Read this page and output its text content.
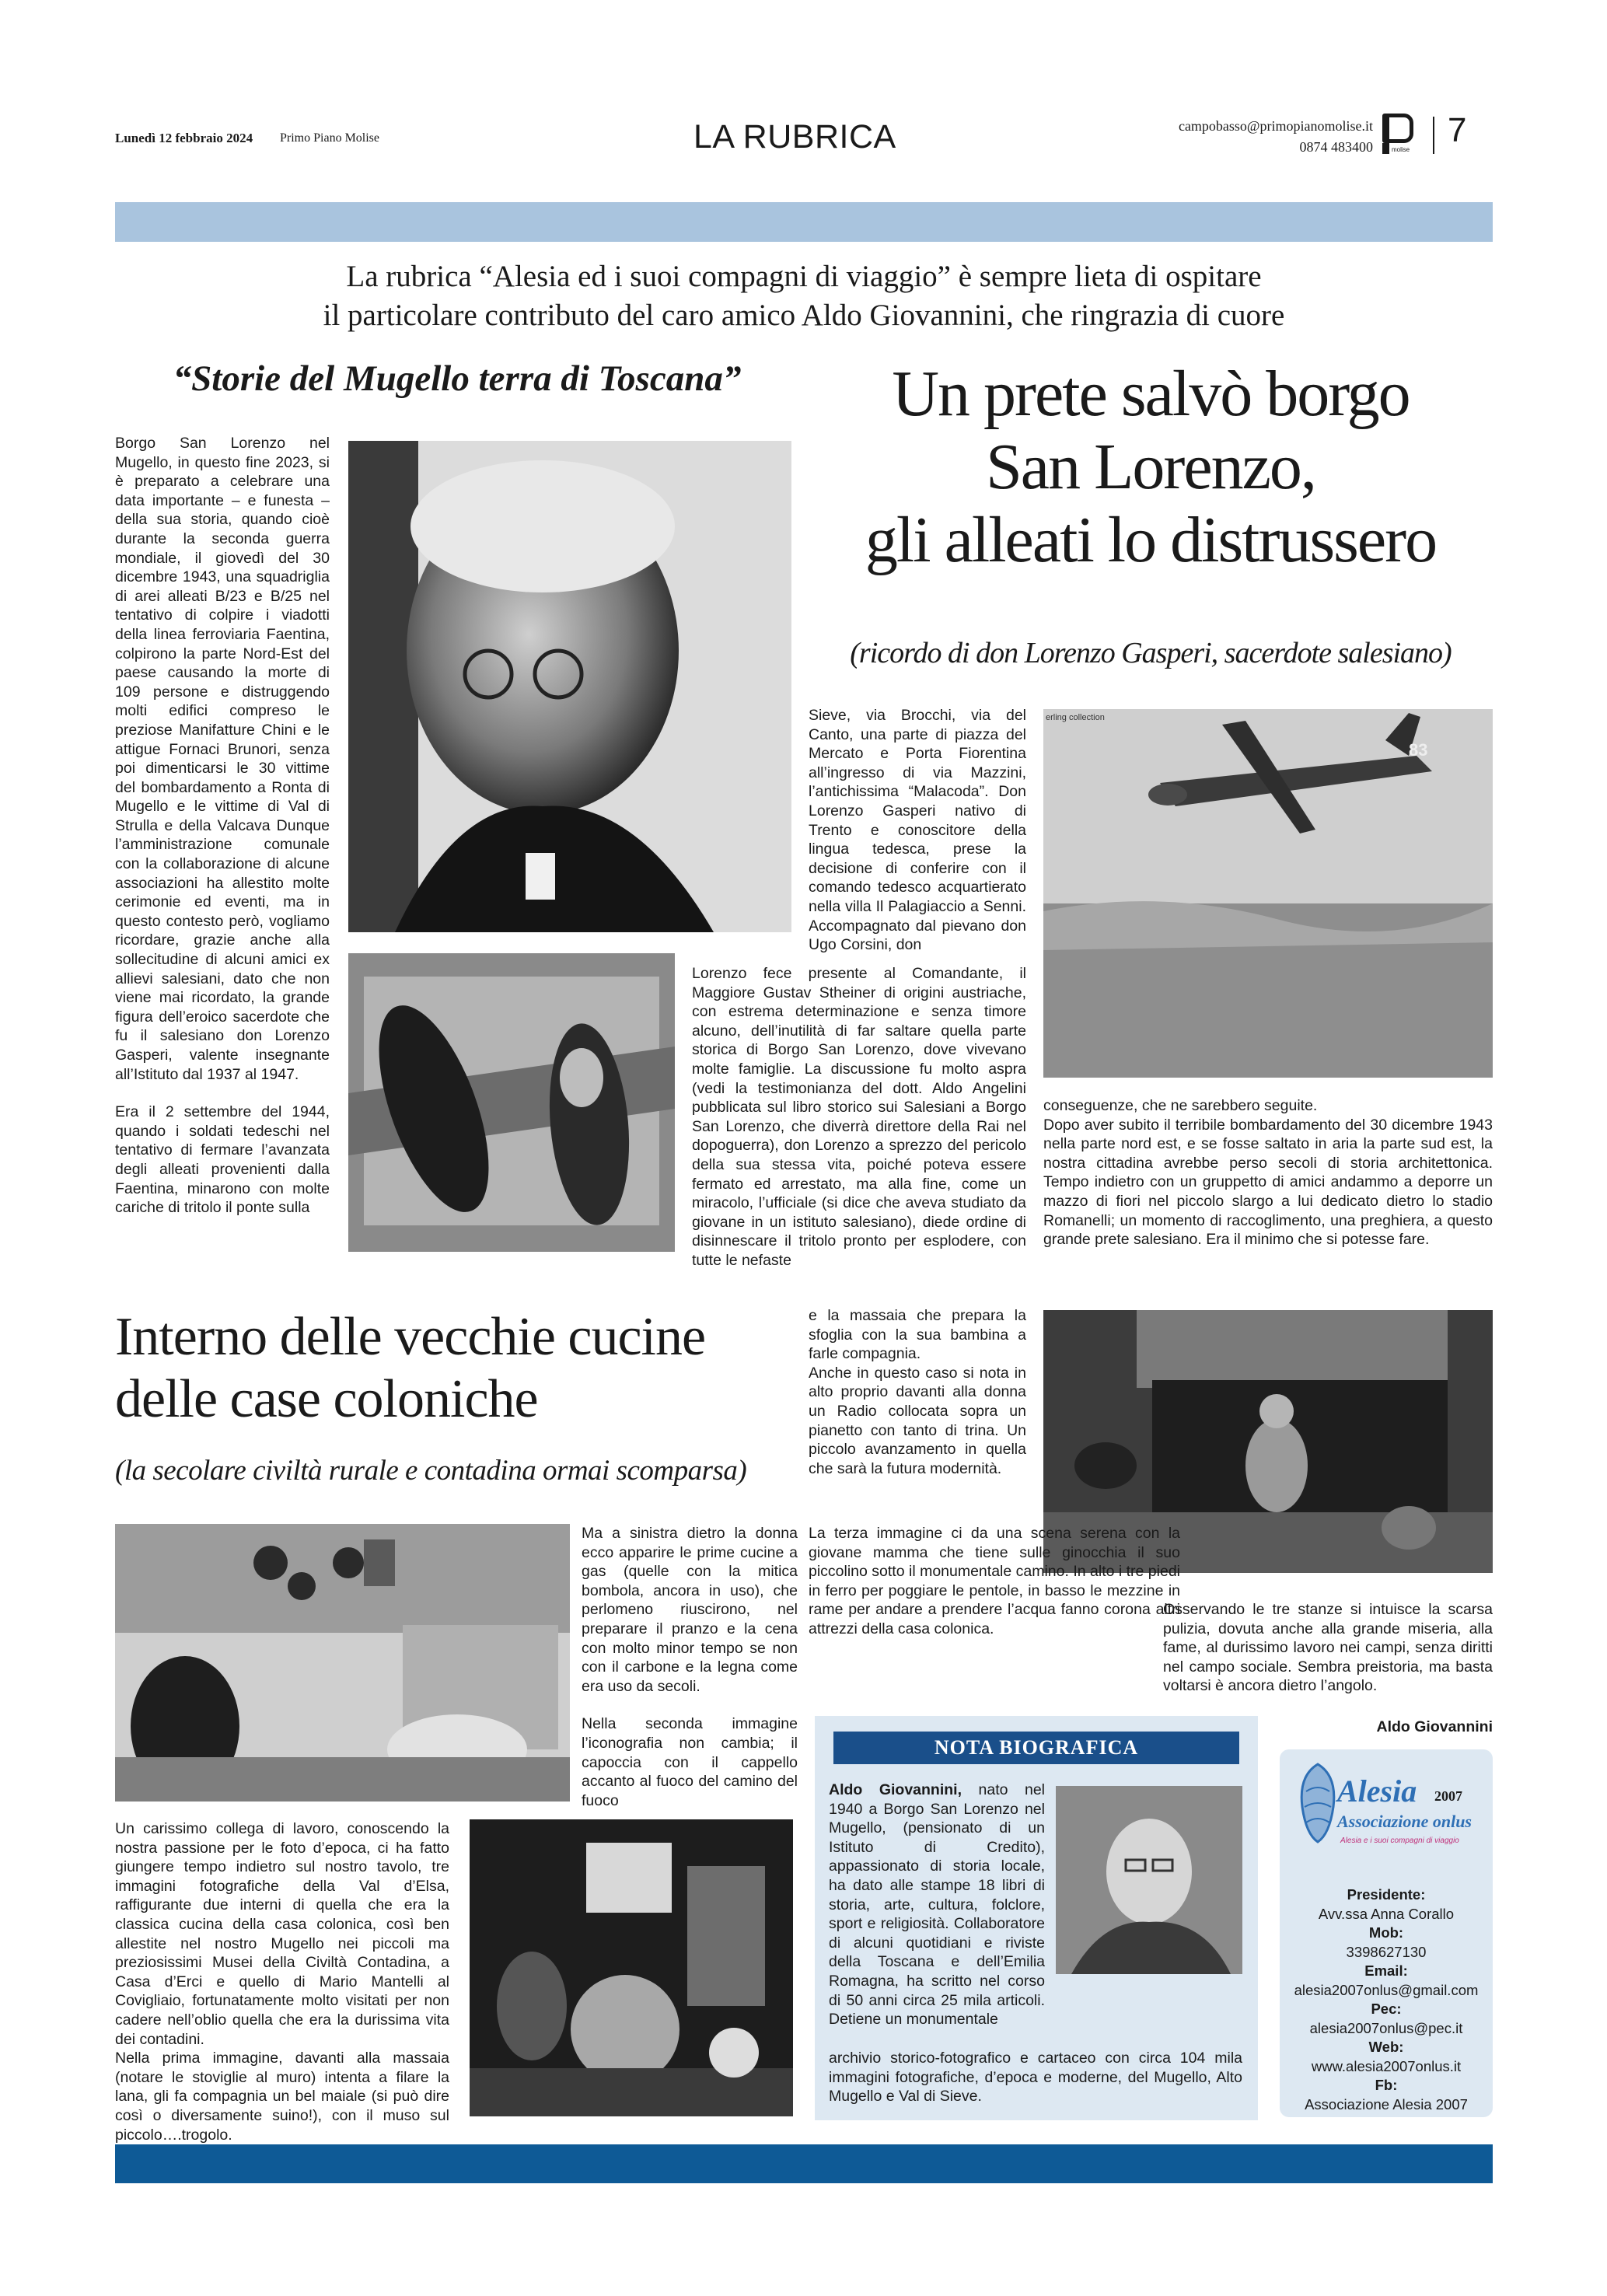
Lunedì 12 febbraio 2024 Primo Piano Molise	LA RUBRICA	campobasso@primopianomolise.it
0874 483400	molise
7
La rubrica “Alesia ed i suoi compagni di viaggio” è sempre lieta di ospitare
il particolare contributo del caro amico Aldo Giovannini, che ringrazia di cuore
“Storie del Mugello terra di Toscana”	Un prete salvò borgo
San Lorenzo,
gli alleati lo distrussero
(ricordo di don Lorenzo Gasperi, sacerdote salesiano)

Borgo San Lorenzo nel Mugello, in questo fine 2023, si è preparato a celebrare una data importante – e funesta – della sua storia, quando cioè durante la seconda guerra mondiale, il giovedì del 30 dicembre 1943, una squadriglia di arei alleati B/23 e B/25 nel tentativo di colpire i viadotti della linea ferroviaria Faentina, colpirono la parte Nord-Est del paese causando la morte di 109 persone e distruggendo molti edifici compreso le preziose Manifatture Chini e le attigue Fornaci Brunori, senza poi dimenticarsi le 30 vittime del bombardamento a Ronta di Mugello e le vittime di Val di Strulla e della Valcava Dunque l’amministrazione comunale con la collaborazione di alcune associazioni ha allestito molte cerimonie ed eventi, ma in questo contesto però, vogliamo ricordare, grazie anche alla sollecitudine di alcuni amici ex allievi salesiani, dato che non viene mai ricordato, la grande figura dell’eroico sacerdote che fu il salesiano don Lorenzo Gasperi, valente insegnante all’Istituto dal 1937 al 1947.

Era il 2 settembre del 1944, quando i soldati tedeschi nel tentativo di fermare l’avanzata degli alleati provenienti dalla Faentina, minarono con molte cariche di tritolo il ponte sulla

Sieve, via Brocchi, via del Canto, una parte di piazza del Mercato e Porta Fiorentina all’ingresso di via Mazzini, l’antichissima “Malacoda”. Don Lorenzo Gasperi nativo di Trento e conoscitore della lingua tedesca, prese la decisione di conferire con il comando tedesco acquartierato nella villa Il Palagiaccio a Senni. Accompagnato dal pievano don Ugo Corsini, don

Lorenzo fece presente al Comandante, il Maggiore Gustav Stheiner di origini austriache, con estrema determinazione e senza timore alcuno, dell’inutilità di far saltare quella parte storica di Borgo San Lorenzo, dove vivevano molte famiglie. La discussione fu molto aspra (vedi la testimonianza del dott. Aldo Angelini pubblicata sul libro storico sui Salesiani a Borgo San Lorenzo, che diverrà direttore della Rai nel dopoguerra), don Lorenzo a sprezzo del pericolo della sua stessa vita, poiché poteva essere fermato ed arrestato, ma alla fine, come un miracolo, l’ufficiale (si dice che aveva studiato da giovane in un istituto salesiano), diede ordine di disinnescare il tritolo pronto per esplodere, con tutte le nefaste

erling collection
83

conseguenze, che ne sarebbero seguite.
Dopo aver subito il terribile bombardamento del 30 dicembre 1943 nella parte nord est, e se fosse saltato in aria la parte sud est, la nostra cittadina avrebbe perso secoli di storia architettonica. Tempo indietro con un gruppetto di amici andammo a deporre un mazzo di fiori nel piccolo slargo a lui dedicato dietro lo stadio Romanelli; un momento di raccoglimento, una preghiera, a questo grande prete salesiano. Era il minimo che si potesse fare.

Interno delle vecchie cucine
delle case coloniche
(la secolare civiltà rurale e contadina ormai scomparsa)

e la massaia che prepara la sfoglia con la sua bambina a farle compagnia.
Anche in questo caso si nota in alto proprio davanti alla donna un Radio collocata sopra un pianetto con tanto di trina. Un piccolo avanzamento in quella che sarà la futura modernità.

Ma a sinistra dietro la donna ecco apparire le prime cucine a gas (quelle con la mitica bombola, ancora in uso), che perlomeno riuscirono, nel preparare il pranzo e la cena con molto minor tempo se non con il carbone e la legna come era uso da secoli.

Nella seconda immagine l’iconografia non cambia; il capoccia con il cappello accanto al fuoco del camino del fuoco

La terza immagine ci da una scena serena con la giovane mamma che tiene sulle ginocchia il suo piccolino sotto il monumentale camino. In alto i tre piedi in ferro per poggiare le pentole, in basso le mezzine in rame per andare a prendere l’acqua fanno corona altri attrezzi della casa colonica.

Osservando le tre stanze si intuisce la scarsa pulizia, dovuta anche alla grande miseria, alla fame, al durissimo lavoro nei campi, senza diritti nel campo sociale. Sembra preistoria, ma basta voltarsi è ancora dietro l’angolo.

Aldo Giovannini

Un carissimo collega di lavoro, conoscendo la nostra passione per le foto d’epoca, ci ha fatto giungere tempo indietro sul nostro tavolo, tre immagini fotografiche della Val d’Elsa, raffigurante due interni di quella che era la classica cucina della casa colonica, così ben allestite nel nostro Mugello nei piccoli ma preziosissimi Musei della Civiltà Contadina, a Casa d’Erci e quello di Mario Mantelli al Covigliaio, fortunatamente molto visitati per non cadere nell’oblio quella che era la durissima vita dei contadini.
Nella prima immagine, davanti alla massaia (notare le stoviglie al muro) intenta a filare la lana, gli fa compagnia un bel maiale (si può dire così o diversamente suino!), con il muso sul piccolo….trogolo.

NOTA BIOGRAFICA

Aldo Giovannini, nato nel 1940 a Borgo San Lorenzo nel Mugello, (pensionato di un Istituto di Credito), appassionato di storia locale, ha dato alle stampe 18 libri di storia, arte, cultura, folclore, sport e religiosità. Collaboratore di alcuni quotidiani e riviste della Toscana e dell’Emilia Romagna, ha scritto nel corso di 50 anni circa 25 mila articoli. Detiene un monumentale

archivio storico-fotografico e cartaceo con circa 104 mila immagini fotografiche, d’epoca e moderne, del Mugello, Alto Mugello e Val di Sieve.

Alesia 2007
Associazione onlus
Alesia e i suoi compagni di viaggio
Presidente:
Avv.ssa Anna Corallo
Mob:
3398627130
Email:
alesia2007onlus@gmail.com
Pec:
alesia2007onlus@pec.it
Web:
www.alesia2007onlus.it
Fb:
Associazione Alesia 2007
